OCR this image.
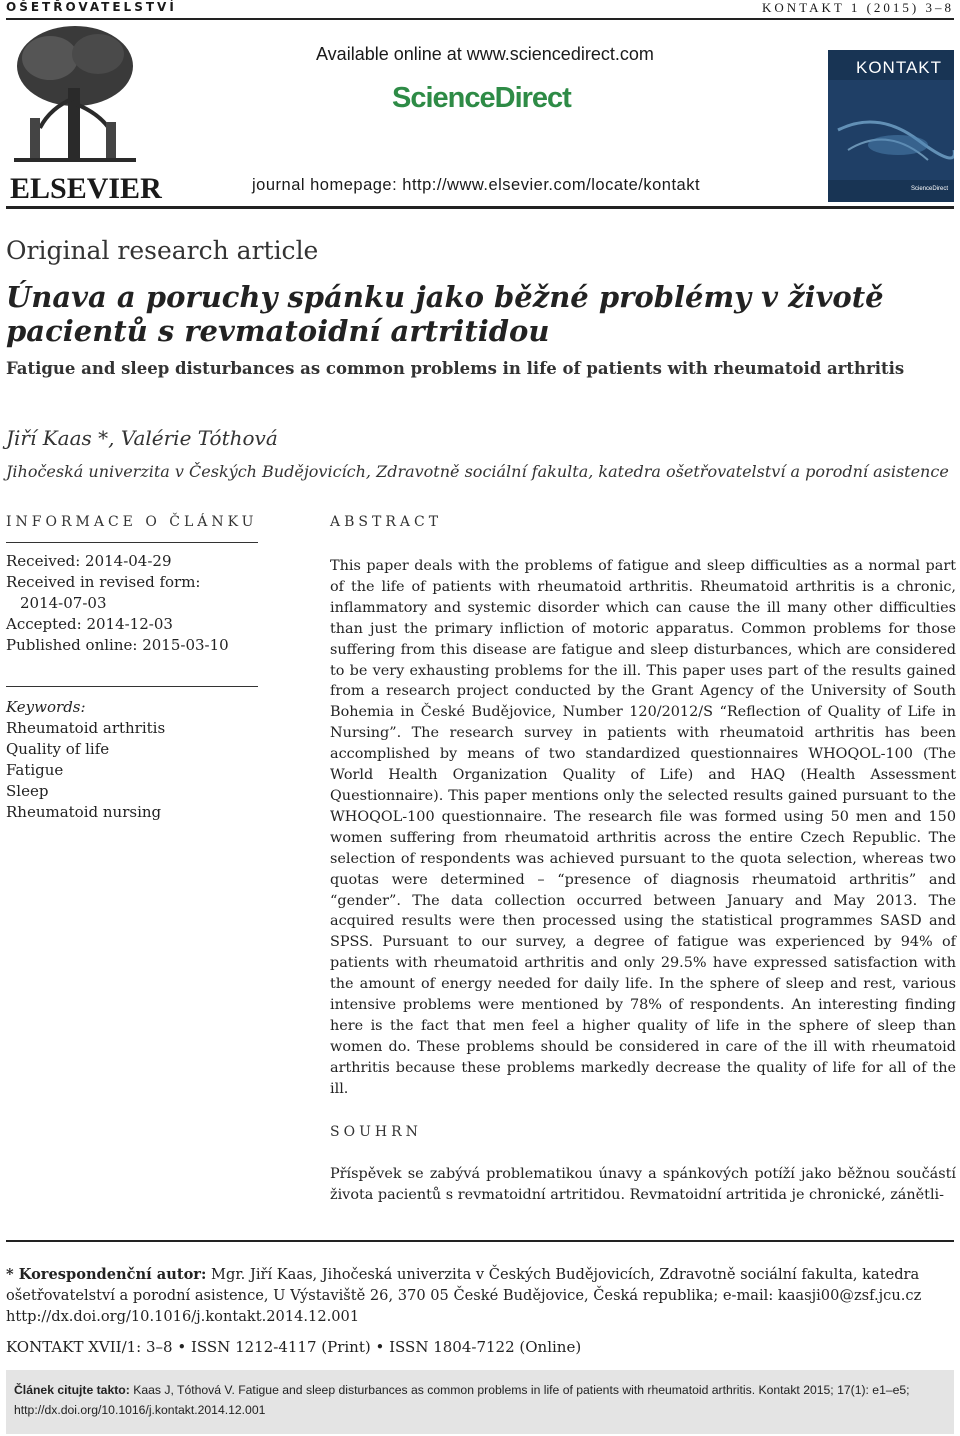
OŠETŘOVATELSTVÍ	KONTAKT 1 (2015) 3–8
ELSEVIER
Available online at www.sciencedirect.com
ScienceDirect
journal homepage: http://www.elsevier.com/locate/kontakt
KONTAKT
ScienceDirect
Original research article
Únava a poruchy spánku jako běžné problémy v životě pacientů s revmatoidní artritidou
Fatigue and sleep disturbances as common problems in life of patients with rheumatoid arthritis
Jiří Kaas *, Valérie Tóthová
Jihočeská univerzita v Českých Budějovicích, Zdravotně sociální fakulta, katedra ošetřovatelství a porodní asistence
INFORMACE O ČLÁNKU
Received: 2014-04-29
Received in revised form:
2014-07-03
Accepted: 2014-12-03
Published online: 2015-03-10
Keywords:
Rheumatoid arthritis
Quality of life
Fatigue
Sleep
Rheumatoid nursing
ABSTRACT
This paper deals with the problems of fatigue and sleep difficulties as a normal part of the life of patients with rheumatoid arthritis. Rheumatoid arthritis is a chronic, inflammatory and systemic disorder which can cause the ill many other difficulties than just the primary infliction of motoric apparatus. Common problems for those suffering from this disease are fatigue and sleep disturbances, which are considered to be very exhausting problems for the ill. This paper uses part of the results gained from a research project conducted by the Grant Agency of the University of South Bohemia in České Budějovice, Number 120/2012/S “Reflection of Quality of Life in Nursing”. The research survey in patients with rheumatoid arthritis has been accomplished by means of two standardized questionnaires WHOQOL-100 (The World Health Organization Quality of Life) and HAQ (Health Assessment Questionnaire). This paper mentions only the selected results gained pursuant to the WHOQOL-100 questionnaire. The research file was formed using 50 men and 150 women suffering from rheumatoid arthritis across the entire Czech Republic. The selection of respondents was achieved pursuant to the quota selection, whereas two quotas were determined – “presence of diagnosis rheumatoid arthritis” and “gender”. The data collection occurred between January and May 2013. The acquired results were then processed using the statistical programmes SASD and SPSS. Pursuant to our survey, a degree of fatigue was experienced by 94% of patients with rheumatoid arthritis and only 29.5% have expressed satisfaction with the amount of energy needed for daily life. In the sphere of sleep and rest, various intensive problems were mentioned by 78% of respondents. An interesting finding here is the fact that men feel a higher quality of life in the sphere of sleep than women do. These problems should be considered in care of the ill with rheumatoid arthritis because these problems markedly decrease the quality of life for all of the ill.
SOUHRN
Příspěvek se zabývá problematikou únavy a spánkových potíží jako běžnou součástí života pacientů s revmatoidní artritidou. Revmatoidní artritida je chronické, zánětli-
* Korespondenční autor: Mgr. Jiří Kaas, Jihočeská univerzita v Českých Budějovicích, Zdravotně sociální fakulta, katedra ošetřovatelství a porodní asistence, U Výstaviště 26, 370 05 České Budějovice, Česká republika; e-mail: kaasji00@zsf.jcu.cz
http://dx.doi.org/10.1016/j.kontakt.2014.12.001
KONTAKT XVII/1: 3–8 • ISSN 1212-4117 (Print) • ISSN 1804-7122 (Online)
Článek citujte takto: Kaas J, Tóthová V. Fatigue and sleep disturbances as common problems in life of patients with rheumatoid arthritis. Kontakt 2015; 17(1): e1–e5; http://dx.doi.org/10.1016/j.kontakt.2014.12.001
